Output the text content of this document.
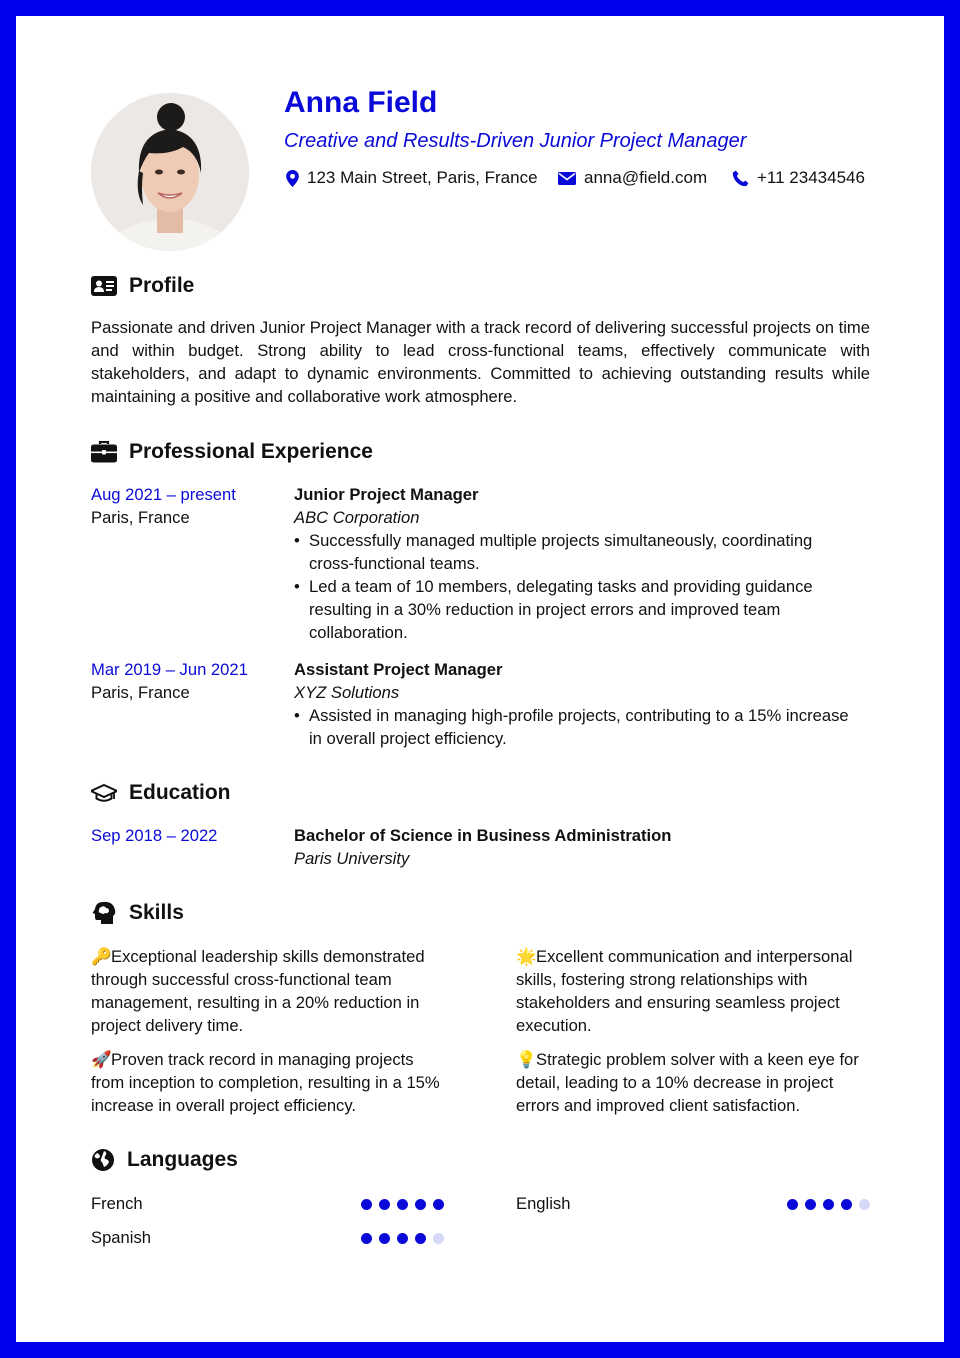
Anna Field
Creative and Results-Driven Junior Project Manager
123 Main Street, Paris, France	anna@field.com	+11 23434546
Profile

Passionate and driven Junior Project Manager with a track record of delivering successful projects on time and within budget. Strong ability to lead cross-functional teams, effectively communicate with stakeholders, and adapt to dynamic environments. Committed to achieving outstanding results while maintaining a positive and collaborative work atmosphere.

Professional Experience
Aug 2021 – present
Paris, France
Junior Project Manager
ABC Corporation
• Successfully managed multiple projects simultaneously, coordinating cross-functional teams.
• Led a team of 10 members, delegating tasks and providing guidance resulting in a 30% reduction in project errors and improved team collaboration.
Mar 2019 – Jun 2021
Paris, France
Assistant Project Manager
XYZ Solutions
• Assisted in managing high-profile projects, contributing to a 15% increase in overall project efficiency.
Education
Sep 2018 – 2022	Bachelor of Science in Business Administration
Paris University
Skills
🔑Exceptional leadership skills demonstrated through successful cross-functional team management, resulting in a 20% reduction in project delivery time.
🌟Excellent communication and interpersonal skills, fostering strong relationships with stakeholders and ensuring seamless project execution.
🚀Proven track record in managing projects from inception to completion, resulting in a 15% increase in overall project efficiency.
💡Strategic problem solver with a keen eye for detail, leading to a 10% decrease in project errors and improved client satisfaction.
Languages
French	English
Spanish
